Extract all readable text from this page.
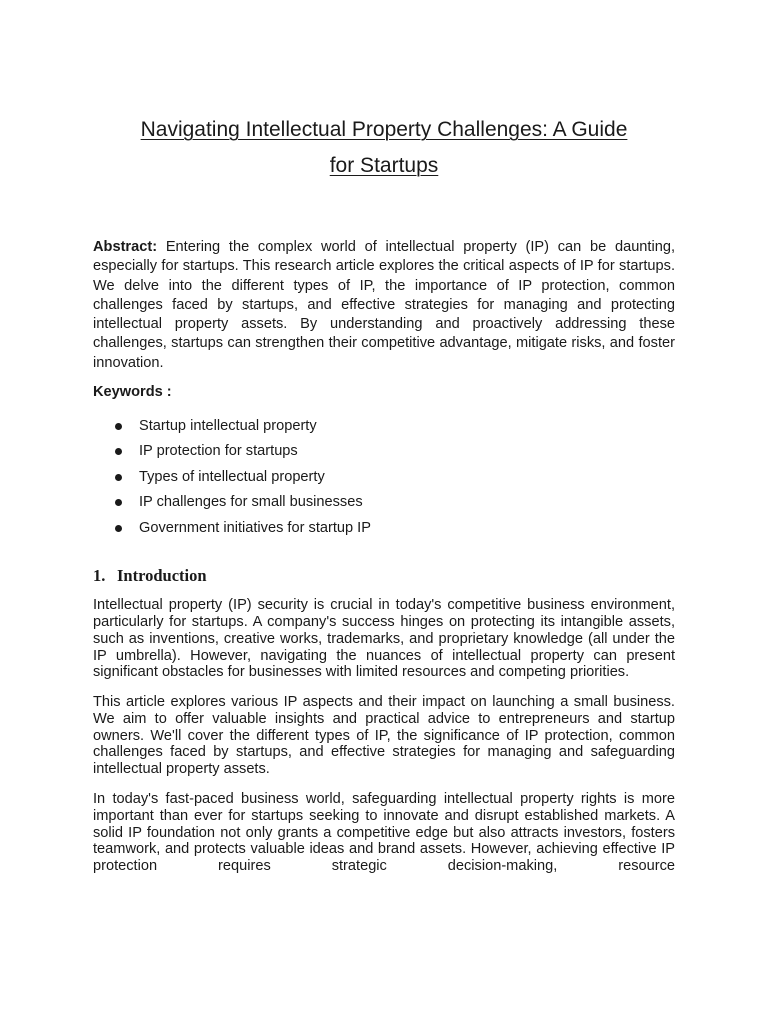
Navigating Intellectual Property Challenges: A Guide
for Startups

Abstract: Entering the complex world of intellectual property (IP) can be daunting, especially for startups. This research article explores the critical aspects of IP for startups. We delve into the different types of IP, the importance of IP protection, common challenges faced by startups, and effective strategies for managing and protecting intellectual property assets. By understanding and proactively addressing these challenges, startups can strengthen their competitive advantage, mitigate risks, and foster innovation.

Keywords :

Startup intellectual property
IP protection for startups
Types of intellectual property
IP challenges for small businesses
Government initiatives for startup IP
1. Introduction

Intellectual property (IP) security is crucial in today's competitive business environment, particularly for startups. A company's success hinges on protecting its intangible assets, such as inventions, creative works, trademarks, and proprietary knowledge (all under the IP umbrella). However, navigating the nuances of intellectual property can present significant obstacles for businesses with limited resources and competing priorities.

This article explores various IP aspects and their impact on launching a small business. We aim to offer valuable insights and practical advice to entrepreneurs and startup owners. We'll cover the different types of IP, the significance of IP protection, common challenges faced by startups, and effective strategies for managing and safeguarding intellectual property assets.

In today's fast-paced business world, safeguarding intellectual property rights is more important than ever for startups seeking to innovate and disrupt established markets. A solid IP foundation not only grants a competitive edge but also attracts investors, fosters teamwork, and protects valuable ideas and brand assets. However, achieving effective IP protection requires strategic decision-making, resource
